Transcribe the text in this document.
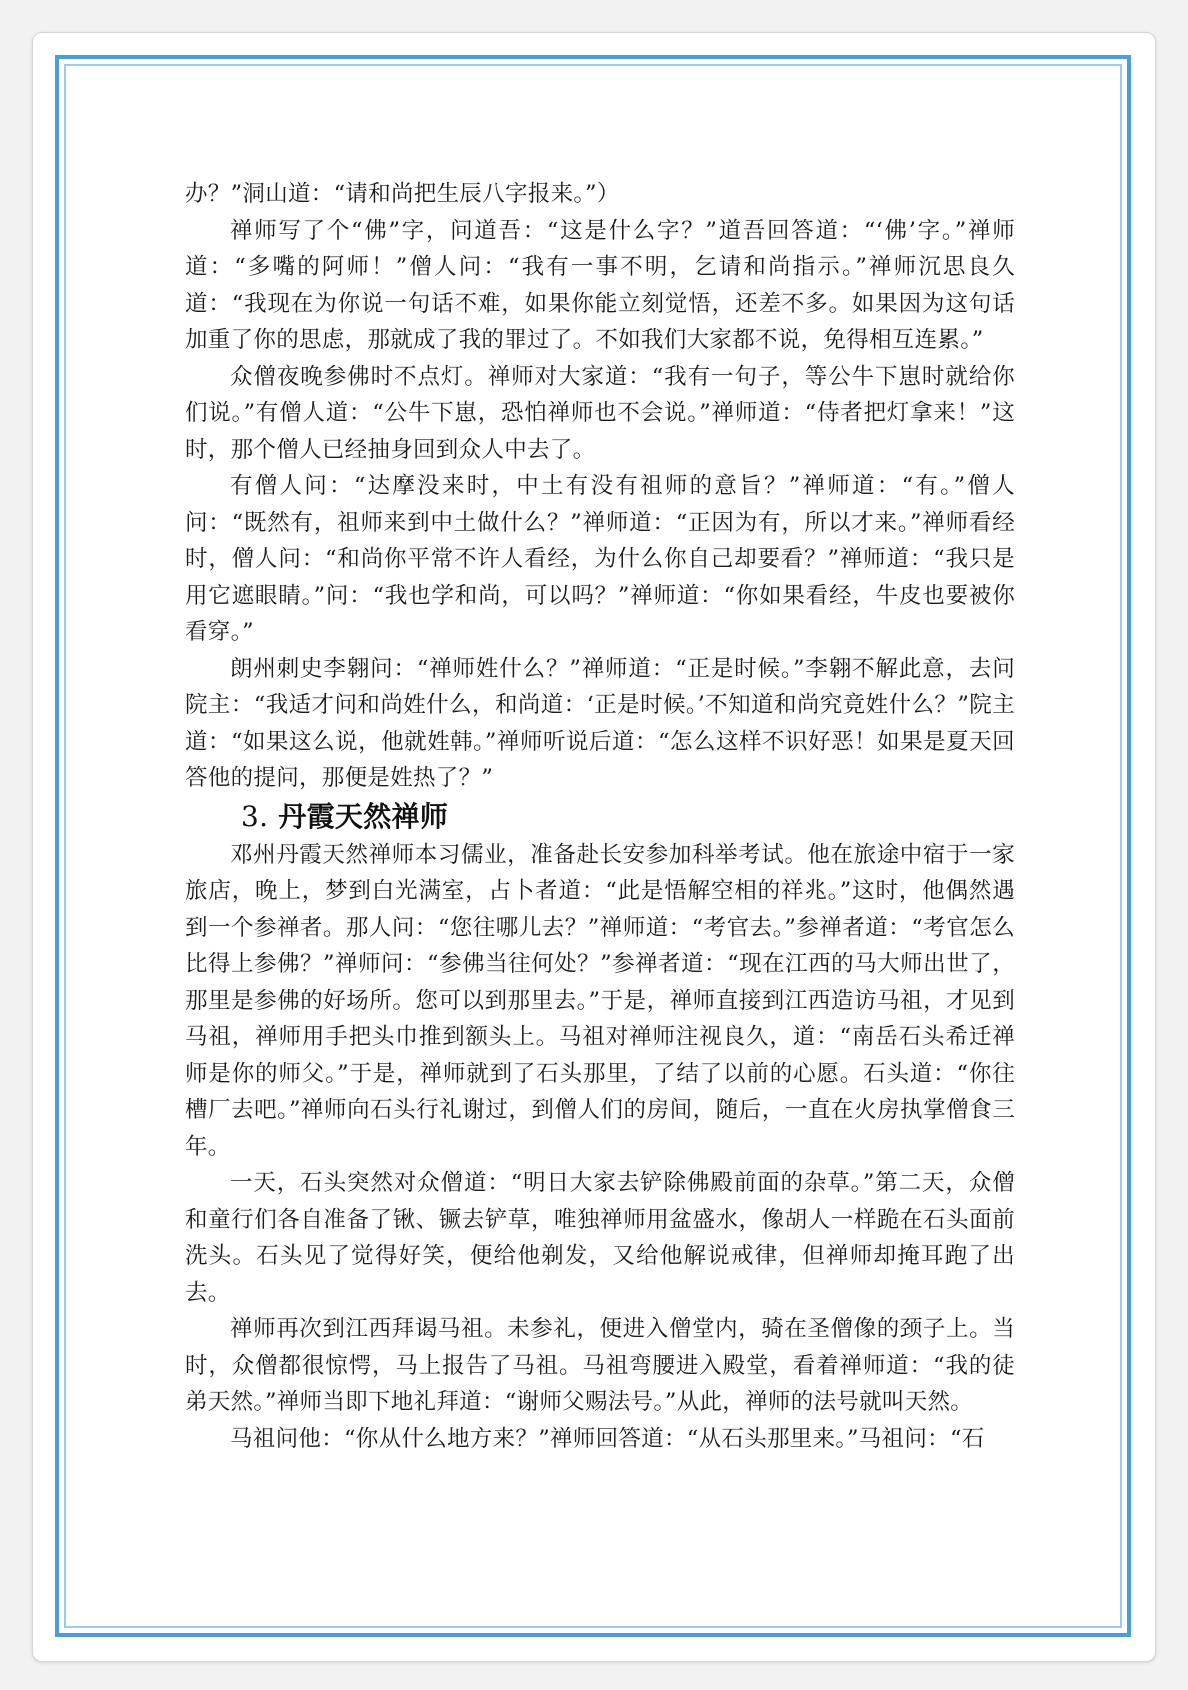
办？”洞山道：“请和尚把生辰八字报来。”）

禅师写了个“佛”字，问道吾：“这是什么字？”道吾回答道：“‘佛’字。”禅师道：“多嘴的阿师！”僧人问：“我有一事不明，乞请和尚指示。”禅师沉思良久道：“我现在为你说一句话不难，如果你能立刻觉悟，还差不多。如果因为这句话加重了你的思虑，那就成了我的罪过了。不如我们大家都不说，免得相互连累。”

众僧夜晚参佛时不点灯。禅师对大家道：“我有一句子，等公牛下崽时就给你们说。”有僧人道：“公牛下崽，恐怕禅师也不会说。”禅师道：“侍者把灯拿来！”这时，那个僧人已经抽身回到众人中去了。

有僧人问：“达摩没来时，中土有没有祖师的意旨？”禅师道：“有。”僧人问：“既然有，祖师来到中土做什么？”禅师道：“正因为有，所以才来。”禅师看经时，僧人问：“和尚你平常不许人看经，为什么你自己却要看？”禅师道：“我只是用它遮眼睛。”问：“我也学和尚，可以吗？”禅师道：“你如果看经，牛皮也要被你看穿。”

朗州刺史李翱问：“禅师姓什么？”禅师道：“正是时候。”李翱不解此意，去问院主：“我适才问和尚姓什么，和尚道：‘正是时候。’不知道和尚究竟姓什么？”院主道：“如果这么说，他就姓韩。”禅师听说后道：“怎么这样不识好恶！如果是夏天回答他的提问，那便是姓热了？”

3. 丹霞天然禅师

邓州丹霞天然禅师本习儒业，准备赴长安参加科举考试。他在旅途中宿于一家旅店，晚上，梦到白光满室，占卜者道：“此是悟解空相的祥兆。”这时，他偶然遇到一个参禅者。那人问：“您往哪儿去？”禅师道：“考官去。”参禅者道：“考官怎么比得上参佛？”禅师问：“参佛当往何处？”参禅者道：“现在江西的马大师出世了，那里是参佛的好场所。您可以到那里去。”于是，禅师直接到江西造访马祖，才见到马祖，禅师用手把头巾推到额头上。马祖对禅师注视良久，道：“南岳石头希迁禅师是你的师父。”于是，禅师就到了石头那里，了结了以前的心愿。石头道：“你往槽厂去吧。”禅师向石头行礼谢过，到僧人们的房间，随后，一直在火房执掌僧食三年。

一天，石头突然对众僧道：“明日大家去铲除佛殿前面的杂草。”第二天，众僧和童行们各自准备了锹、镢去铲草，唯独禅师用盆盛水，像胡人一样跪在石头面前洗头。石头见了觉得好笑，便给他剃发，又给他解说戒律，但禅师却掩耳跑了出去。

禅师再次到江西拜谒马祖。未参礼，便进入僧堂内，骑在圣僧像的颈子上。当时，众僧都很惊愕，马上报告了马祖。马祖弯腰进入殿堂，看着禅师道：“我的徒弟天然。”禅师当即下地礼拜道：“谢师父赐法号。”从此，禅师的法号就叫天然。

马祖问他：“你从什么地方来？”禅师回答道：“从石头那里来。”马祖问：“石
